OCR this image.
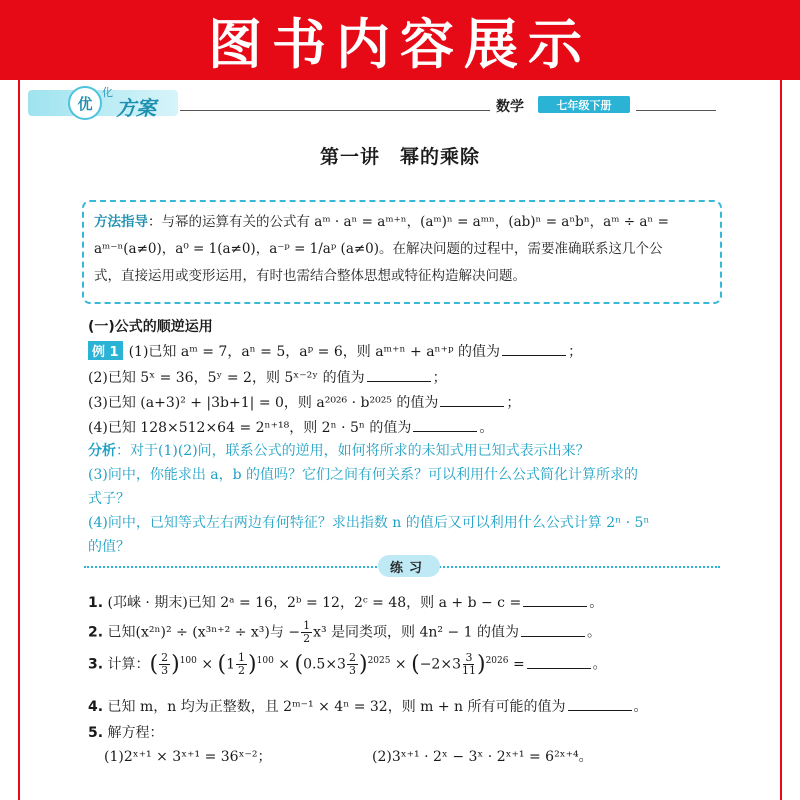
图书内容展示
优
化
方案	数学	七年级下册
第一讲　幂的乘除
方法指导：与幂的运算有关的公式有 aᵐ · aⁿ = aᵐ⁺ⁿ，(aᵐ)ⁿ = aᵐⁿ，(ab)ⁿ = aⁿbⁿ，aᵐ ÷ aⁿ =
aᵐ⁻ⁿ(a≠0)，a⁰ = 1(a≠0)，a⁻ᵖ = 1/aᵖ (a≠0)。在解决问题的过程中，需要准确联系这几个公
式，直接运用或变形运用，有时也需结合整体思想或特征构造解决问题。
(一)公式的顺逆运用
例 1 (1)已知 aᵐ = 7，aⁿ = 5，aᵖ = 6，则 aᵐ⁺ⁿ + aⁿ⁺ᵖ 的值为	；
(2)已知 5ˣ = 36，5ʸ = 2，则 5ˣ⁻²ʸ 的值为	；
(3)已知 (a+3)² + |3b+1| = 0，则 a²⁰²⁶ · b²⁰²⁵ 的值为	；
(4)已知 128×512×64 = 2ⁿ⁺¹⁸，则 2ⁿ · 5ⁿ 的值为	。
分析：对于(1)(2)问，联系公式的逆用，如何将所求的未知式用已知式表示出来？
(3)问中，你能求出 a，b 的值吗？它们之间有何关系？可以利用什么公式简化计算所求的
式子？
(4)问中，已知等式左右两边有何特征？求出指数 n 的值后又可以利用什么公式计算 2ⁿ · 5ⁿ
的值？
练习
1. (邛崃 · 期末)已知 2ᵃ = 16，2ᵇ = 12，2ᶜ = 48，则 a + b − c =	。
2. 已知(x²ⁿ)² ÷ (x³ⁿ⁺² ÷ x³)与 − $\frac{1}{2} x^3$ 是同类项，则 4n² − 1 的值为	。
3. 计算：( $\frac{2}{3} )^{100} \times (1 \frac{1}{2} )^{100} \times (0.5\times 3 \frac{2}{3} )^{2025} \times (-2\times 3 \frac{3}{11} )^{2026}$ =	。
4. 已知 m，n 均为正整数，且 2ᵐ⁻¹ × 4ⁿ = 32，则 m + n 所有可能的值为	。
5. 解方程：
(1)2ˣ⁺¹ × 3ˣ⁺¹ = 36ˣ⁻²；	(2)3ˣ⁺¹ · 2ˣ − 3ˣ · 2ˣ⁺¹ = 6²ˣ⁺⁴。
